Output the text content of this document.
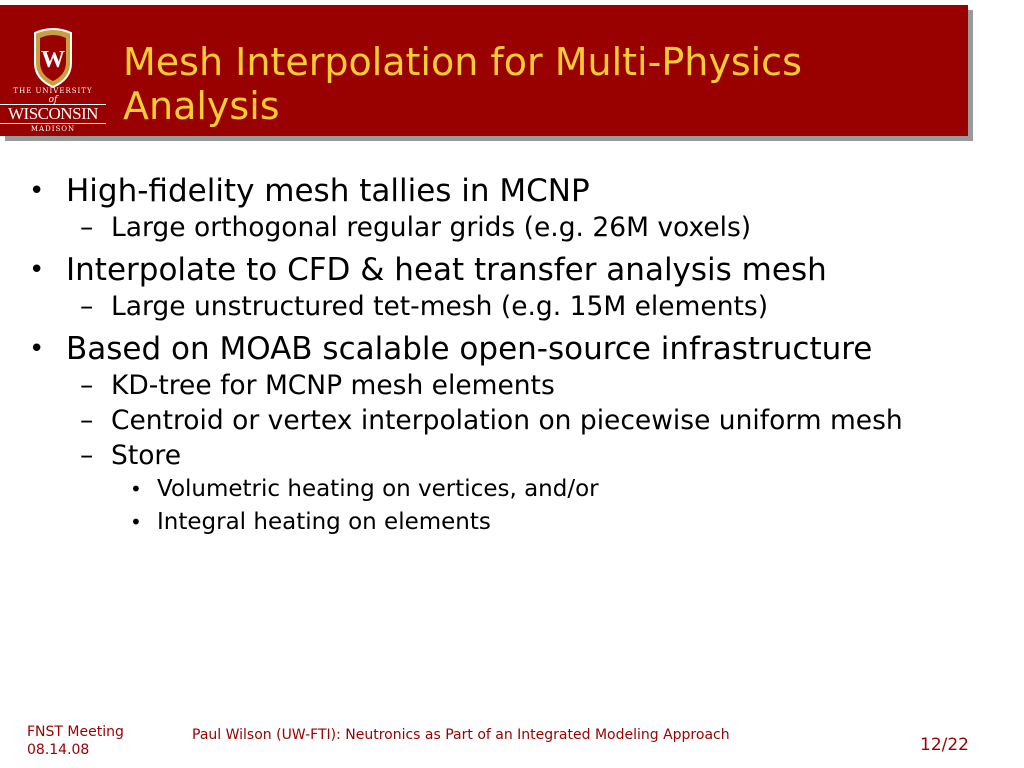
W
THE UNIVERSITY
of
WISCONSIN
MADISON
Mesh Interpolation for Multi-Physics
Analysis
• High-fidelity mesh tallies in MCNP
– Large orthogonal regular grids (e.g. 26M voxels)
• Interpolate to CFD & heat transfer analysis mesh
– Large unstructured tet-mesh (e.g. 15M elements)
• Based on MOAB scalable open-source infrastructure
– KD-tree for MCNP mesh elements
– Centroid or vertex interpolation on piecewise uniform mesh
– Store
• Volumetric heating on vertices, and/or
• Integral heating on elements
FNST Meeting
08.14.08
Paul Wilson (UW-FTI): Neutronics as Part of an Integrated Modeling Approach	12/22
